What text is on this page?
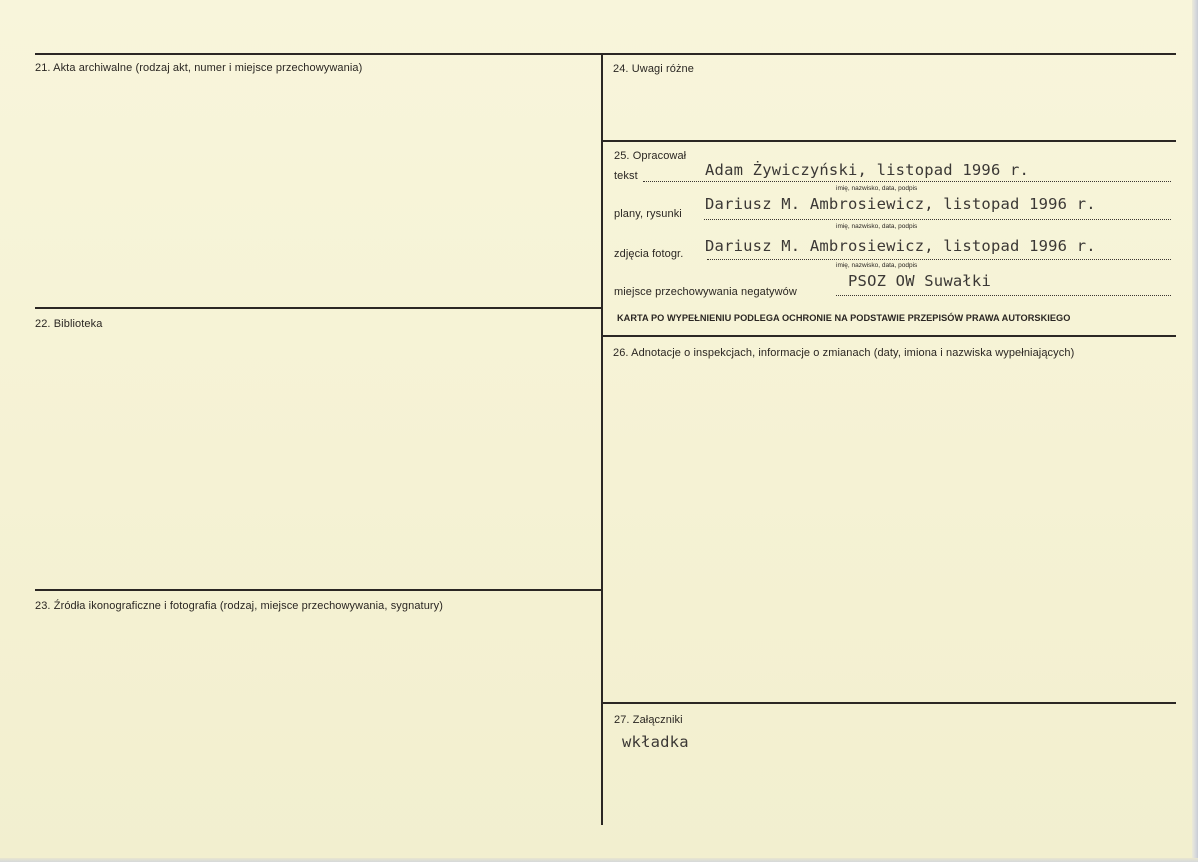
21. Akta archiwalne (rodzaj akt, numer i miejsce przechowywania)
22. Biblioteka
23. Źródła ikonograficzne i fotografia (rodzaj, miejsce przechowywania, sygnatury)
24. Uwagi różne
25. Opracował
tekst	Adam Żywiczyński, listopad 1996 r.
imię, nazwisko, data, podpis
plany, rysunki
Dariusz M. Ambrosiewicz, listopad 1996 r.
imię, nazwisko, data, podpis
zdjęcia fotogr. Dariusz M. Ambrosiewicz, listopad 1996 r.
imię, nazwisko, data, podpis
miejsce przechowywania negatywów
PSOZ OW Suwałki
KARTA PO WYPEŁNIENIU PODLEGA OCHRONIE NA PODSTAWIE PRZEPISÓW PRAWA AUTORSKIEGO
26. Adnotacje o inspekcjach, informacje o zmianach (daty, imiona i nazwiska wypełniających)
27. Załączniki
wkładka
